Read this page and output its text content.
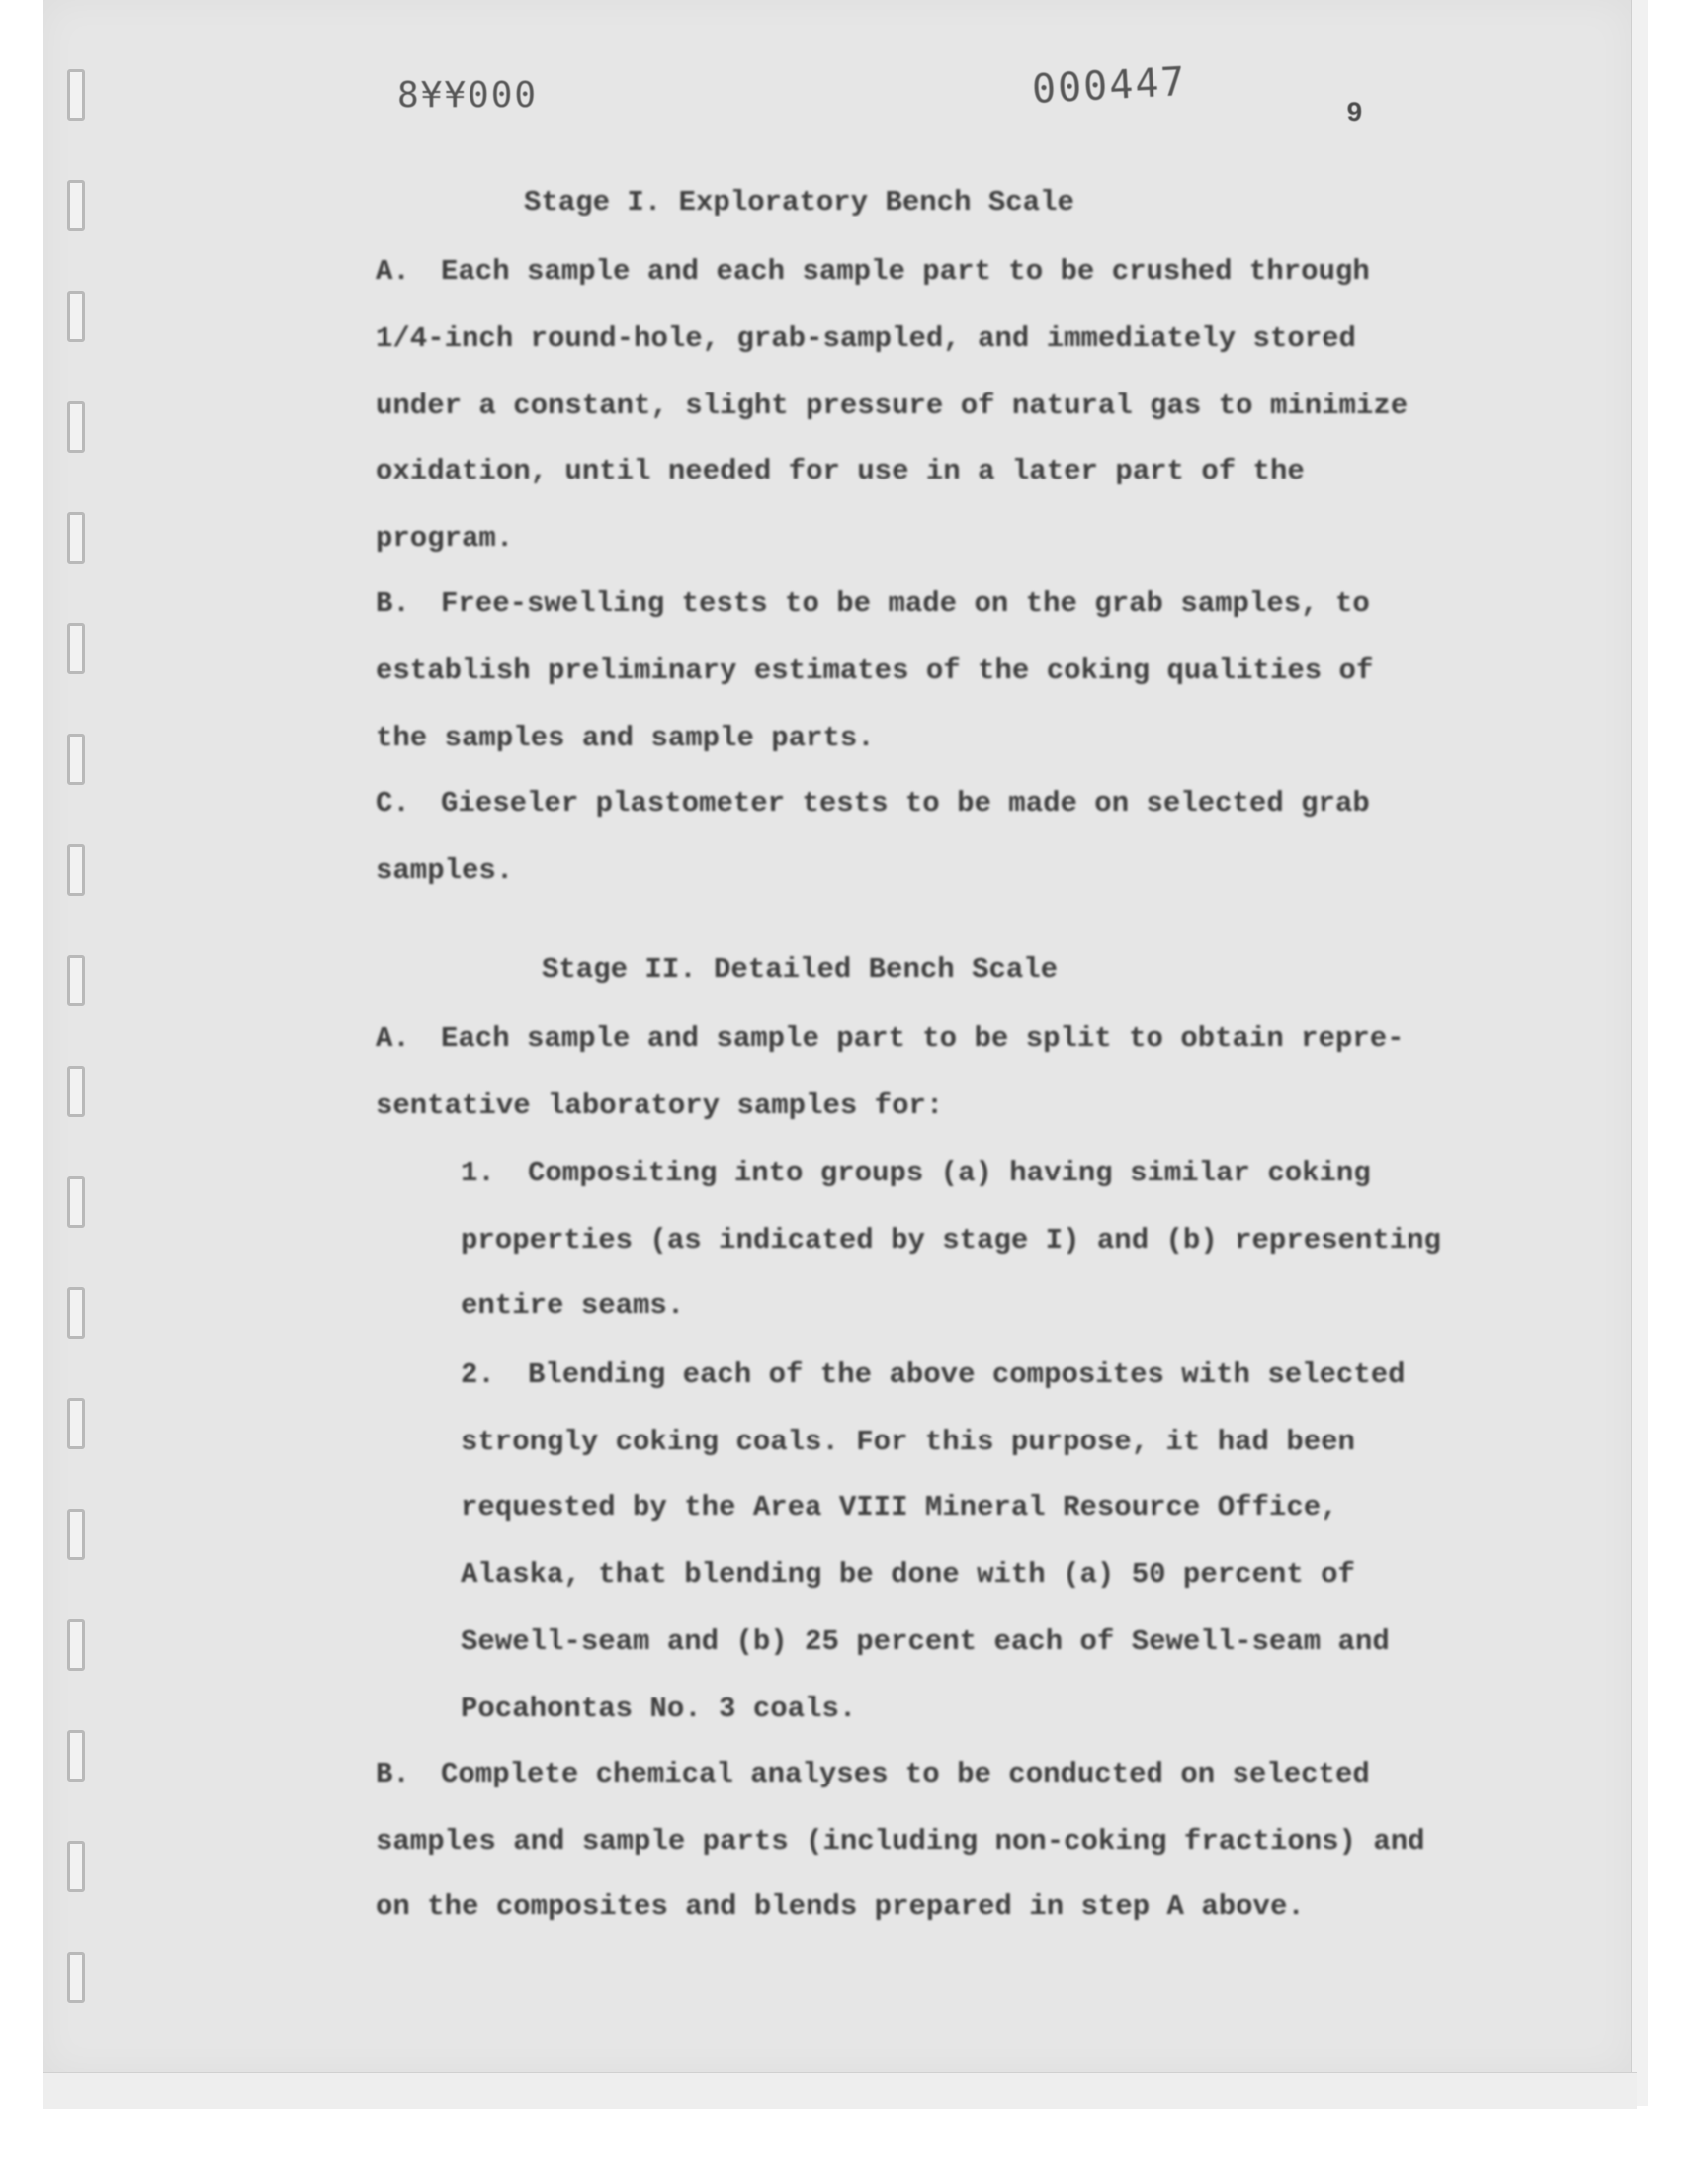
8¥¥000	000447
9
Stage I. Exploratory Bench Scale
A. Each sample and each sample part to be crushed through
1/4-inch round-hole, grab-sampled, and immediately stored
under a constant, slight pressure of natural gas to minimize
oxidation, until needed for use in a later part of the
program.
B. Free-swelling tests to be made on the grab samples, to
establish preliminary estimates of the coking qualities of
the samples and sample parts.
C. Gieseler plastometer tests to be made on selected grab
samples.
Stage II. Detailed Bench Scale
A. Each sample and sample part to be split to obtain repre-
sentative laboratory samples for:
1. Compositing into groups (a) having similar coking
properties (as indicated by stage I) and (b) representing
entire seams.
2. Blending each of the above composites with selected
strongly coking coals. For this purpose, it had been
requested by the Area VIII Mineral Resource Office,
Alaska, that blending be done with (a) 50 percent of
Sewell-seam and (b) 25 percent each of Sewell-seam and
Pocahontas No. 3 coals.
B. Complete chemical analyses to be conducted on selected
samples and sample parts (including non-coking fractions) and
on the composites and blends prepared in step A above.
